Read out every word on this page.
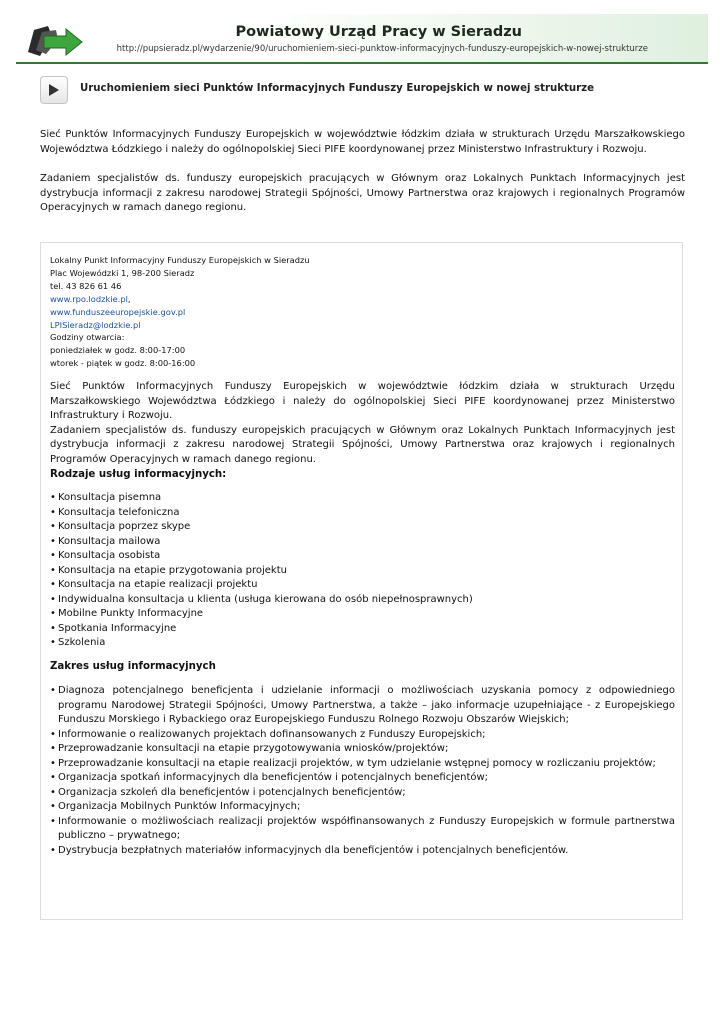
Powiatowy Urząd Pracy w Sieradzu
http://pupsieradz.pl/wydarzenie/90/uruchomieniem-sieci-punktow-informacyjnych-funduszy-europejskich-w-nowej-strukturze
Uruchomieniem sieci Punktów Informacyjnych Funduszy Europejskich w nowej strukturze

Sieć Punktów Informacyjnych Funduszy Europejskich w województwie łódzkim działa w strukturach Urzędu Marszałkowskiego Województwa Łódzkiego i należy do ogólnopolskiej Sieci PIFE koordynowanej przez Ministerstwo Infrastruktury i Rozwoju.

Zadaniem specjalistów ds. funduszy europejskich pracujących w Głównym oraz Lokalnych Punktach Informacyjnych jest dystrybucja informacji z zakresu narodowej Strategii Spójności, Umowy Partnerstwa oraz krajowych i regionalnych Programów Operacyjnych w ramach danego regionu.

Lokalny Punkt Informacyjny Funduszy Europejskich w Sieradzu
Plac Wojewódzki 1, 98-200 Sieradz
tel. 43 826 61 46
www.rpo.lodzkie.pl,
www.funduszeeuropejskie.gov.pl
LPISieradz@lodzkie.pl
Godziny otwarcia:
poniedziałek w godz. 8:00-17:00
wtorek - piątek w godz. 8:00-16:00
Sieć Punktów Informacyjnych Funduszy Europejskich w województwie łódzkim działa w strukturach Urzędu Marszałkowskiego Województwa Łódzkiego i należy do ogólnopolskiej Sieci PIFE koordynowanej przez Ministerstwo Infrastruktury i Rozwoju.
Zadaniem specjalistów ds. funduszy europejskich pracujących w Głównym oraz Lokalnych Punktach Informacyjnych jest dystrybucja informacji z zakresu narodowej Strategii Spójności, Umowy Partnerstwa oraz krajowych i regionalnych Programów Operacyjnych w ramach danego regionu.
Rodzaje usług informacyjnych:
• Konsultacja pisemna
• Konsultacja telefoniczna
• Konsultacja poprzez skype
• Konsultacja mailowa
• Konsultacja osobista
• Konsultacja na etapie przygotowania projektu
• Konsultacja na etapie realizacji projektu
• Indywidualna konsultacja u klienta (usługa kierowana do osób niepełnosprawnych)
• Mobilne Punkty Informacyjne
• Spotkania Informacyjne
• Szkolenia
Zakres usług informacyjnych
• Diagnoza potencjalnego beneficjenta i udzielanie informacji o możliwościach uzyskania pomocy z odpowiedniego programu Narodowej Strategii Spójności, Umowy Partnerstwa, a także – jako informacje uzupełniające - z Europejskiego Funduszu Morskiego i Rybackiego oraz Europejskiego Funduszu Rolnego Rozwoju Obszarów Wiejskich;
• Informowanie o realizowanych projektach dofinansowanych z Funduszy Europejskich;
• Przeprowadzanie konsultacji na etapie przygotowywania wniosków/projektów;
• Przeprowadzanie konsultacji na etapie realizacji projektów, w tym udzielanie wstępnej pomocy w rozliczaniu projektów;
• Organizacja spotkań informacyjnych dla beneficjentów i potencjalnych beneficjentów;
• Organizacja szkoleń dla beneficjentów i potencjalnych beneficjentów;
• Organizacja Mobilnych Punktów Informacyjnych;
• Informowanie o możliwościach realizacji projektów współfinansowanych z Funduszy Europejskich w formule partnerstwa publiczno – prywatnego;
• Dystrybucja bezpłatnych materiałów informacyjnych dla beneficjentów i potencjalnych beneficjentów.
